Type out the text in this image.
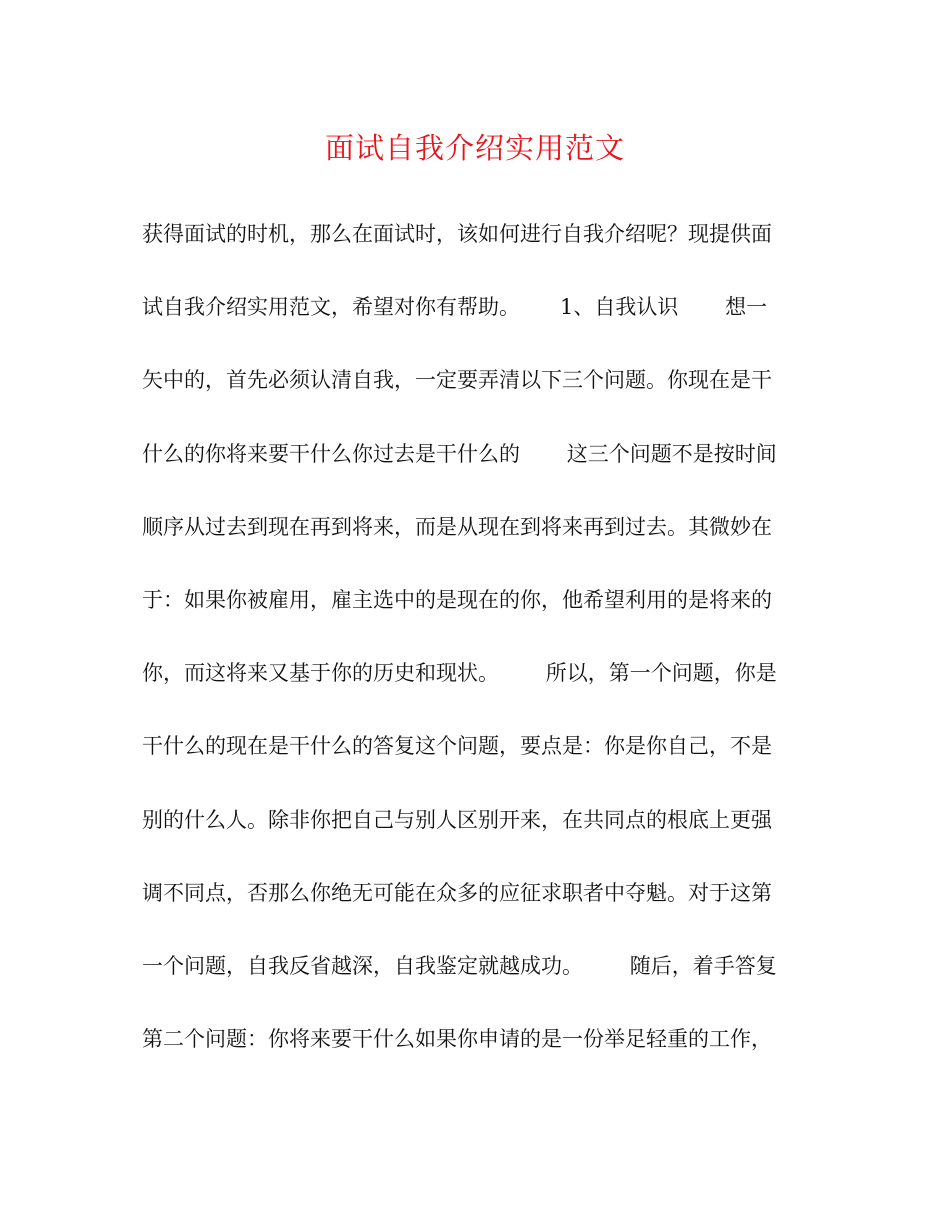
面试自我介绍实用范文
获得面试的时机，那么在面试时，该如何进行自我介绍呢？现提供面
试自我介绍实用范文，希望对你有帮助。      1、自我认识       想一
矢中的，首先必须认清自我，一定要弄清以下三个问题。你现在是干
什么的你将来要干什么你过去是干什么的       这三个问题不是按时间
顺序从过去到现在再到将来，而是从现在到将来再到过去。其微妙在
于：如果你被雇用，雇主选中的是现在的你，他希望利用的是将来的
你，而这将来又基于你的历史和现状。       所以，第一个问题，你是
干什么的现在是干什么的答复这个问题，要点是：你是你自己，不是
别的什么人。除非你把自己与别人区别开来，在共同点的根底上更强
调不同点，否那么你绝无可能在众多的应征求职者中夺魁。对于这第
一个问题，自我反省越深，自我鉴定就越成功。       随后，着手答复
第二个问题：你将来要干什么如果你申请的是一份举足轻重的工作，
